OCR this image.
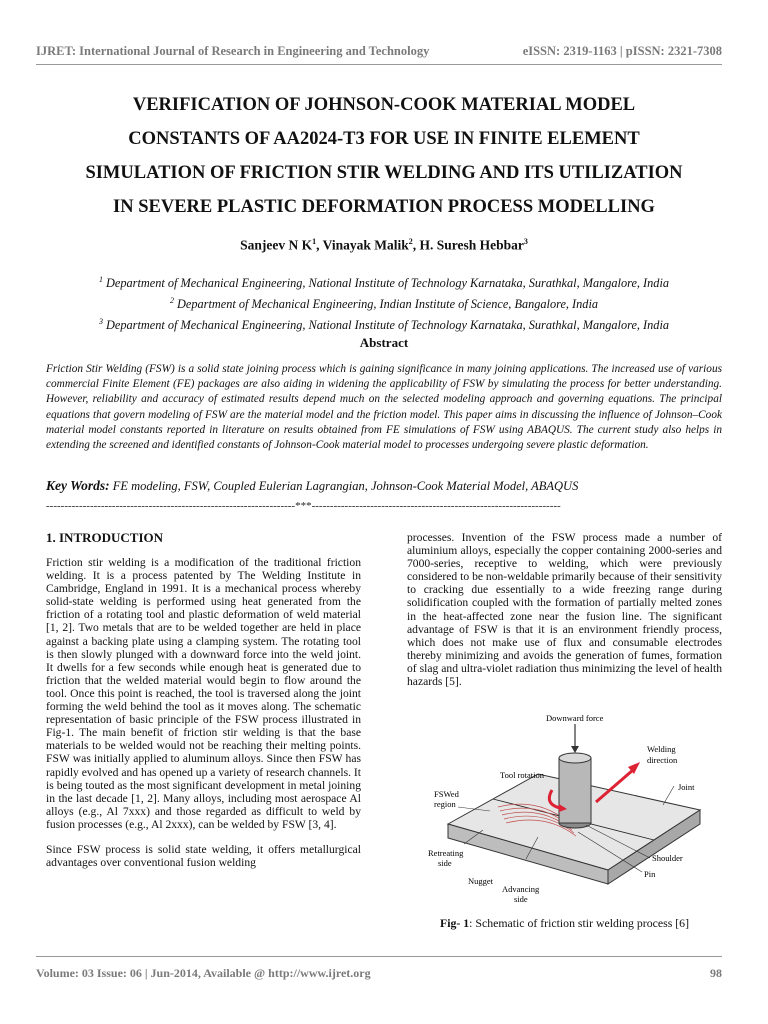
IJRET: International Journal of Research in Engineering and Technology	eISSN: 2319-1163 | pISSN: 2321-7308
VERIFICATION OF JOHNSON-COOK MATERIAL MODEL
CONSTANTS OF AA2024-T3 FOR USE IN FINITE ELEMENT
SIMULATION OF FRICTION STIR WELDING AND ITS UTILIZATION
IN SEVERE PLASTIC DEFORMATION PROCESS MODELLING
Sanjeev N $K^1$, Vinayak Malik$^2$, H. Suresh Hebbar$^3$
$^1$ Department of Mechanical Engineering, National Institute of Technology Karnataka, Surathkal, Mangalore, India
$^2$ Department of Mechanical Engineering, Indian Institute of Science, Bangalore, India
$^3$ Department of Mechanical Engineering, National Institute of Technology Karnataka, Surathkal, Mangalore, India
Abstract
Friction Stir Welding (FSW) is a solid state joining process which is gaining significance in many joining applications. The increased use of various commercial Finite Element (FE) packages are also aiding in widening the applicability of FSW by simulating the process for better understanding. However, reliability and accuracy of estimated results depend much on the selected modeling approach and governing equations. The principal equations that govern modeling of FSW are the material model and the friction model. This paper aims in discussing the influence of Johnson–Cook material model constants reported in literature on results obtained from FE simulations of FSW using ABAQUS. The current study also helps in extending the screened and identified constants of Johnson-Cook material model to processes undergoing severe plastic deformation.
Key Words: FE modeling, FSW, Coupled Eulerian Lagrangian, Johnson-Cook Material Model, ABAQUS
--------------------------------------------------------------------***--------------------------------------------------------------------
1. INTRODUCTION

Friction stir welding is a modification of the traditional friction welding. It is a process patented by The Welding Institute in Cambridge, England in 1991. It is a mechanical process whereby solid-state welding is performed using heat generated from the friction of a rotating tool and plastic deformation of weld material [1, 2]. Two metals that are to be welded together are held in place against a backing plate using a clamping system. The rotating tool is then slowly plunged with a downward force into the weld joint. It dwells for a few seconds while enough heat is generated due to friction that the welded material would begin to flow around the tool. Once this point is reached, the tool is traversed along the joint forming the weld behind the tool as it moves along. The schematic representation of basic principle of the FSW process illustrated in Fig-1. The main benefit of friction stir welding is that the base materials to be welded would not be reaching their melting points. FSW was initially applied to aluminum alloys. Since then FSW has rapidly evolved and has opened up a variety of research channels. It is being touted as the most significant development in metal joining in the last decade [1, 2]. Many alloys, including most aerospace Al alloys (e.g., Al 7xxx) and those regarded as difficult to weld by fusion processes (e.g., Al 2xxx), can be welded by FSW [3, 4].

Since FSW process is solid state welding, it offers metallurgical advantages over conventional fusion welding

processes. Invention of the FSW process made a number of aluminium alloys, especially the copper containing 2000-series and 7000-series, receptive to welding, which were previously considered to be non-weldable primarily because of their sensitivity to cracking due essentially to a wide freezing range during solidification coupled with the formation of partially melted zones in the heat-affected zone near the fusion line. The significant advantage of FSW is that it is an environment friendly process, which does not make use of flux and consumable electrodes thereby minimizing and avoids the generation of fumes, formation of slag and ultra-violet radiation thus minimizing the level of health hazards [5].

Downward force
Welding
direction
Tool rotation
Joint
FSWed
region
Retreating
side	Shoulder
Pin
Nugget
Advancing
side
Fig- 1: Schematic of friction stir welding process [6]
Volume: 03 Issue: 06 | Jun-2014, Available @ http://www.ijret.org	98
